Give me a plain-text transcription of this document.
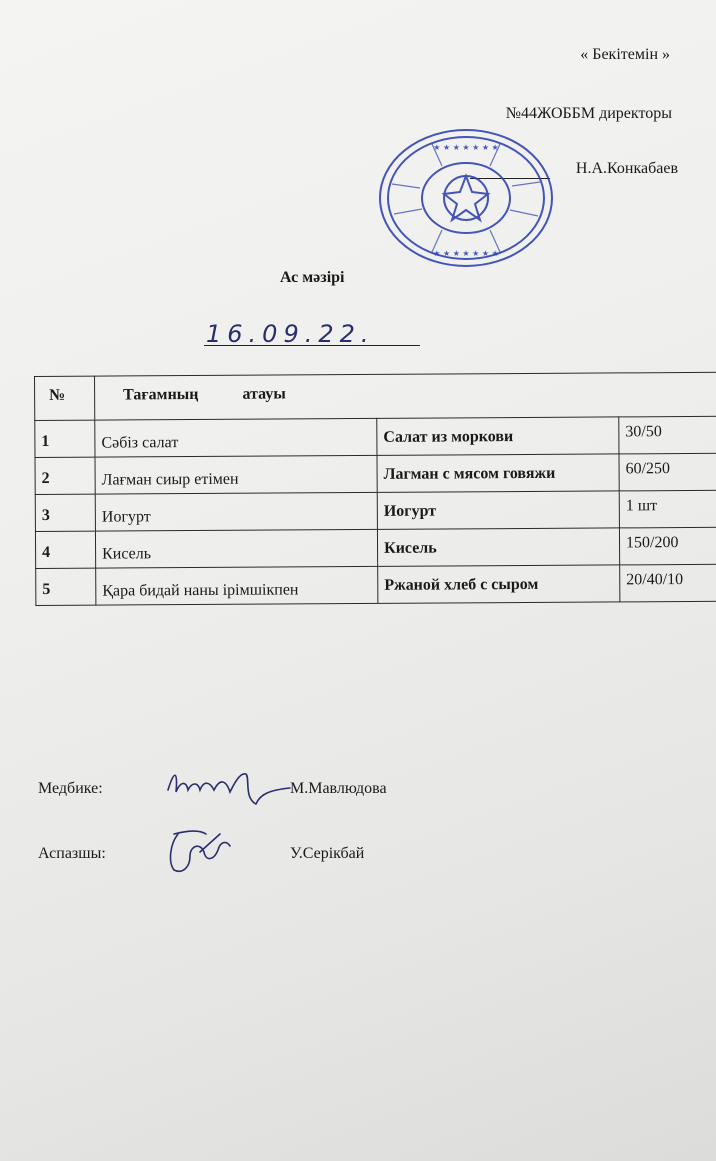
« Бекітемін »
№44ЖОББМ директоры
Н.А.Конкабаев
★ ★ ★ ★ ★ ★ ★
★ ★ ★ ★ ★ ★ ★
Ас мәзірі
16.09.22.
№	Тағамның атауы		
1	Сәбіз салат	Салат из моркови	30/50
2	Лағман сиыр етімен	Лагман с мясом говяжи	60/250
3	Иогурт	Иогурт	1 шт
4	Кисель	Кисель	150/200
5	Қара бидай наны ірімшікпен	Ржаной хлеб с сыром	20/40/10
Медбике:	М.Мавлюдова
Аспазшы:	У.Серікбай
